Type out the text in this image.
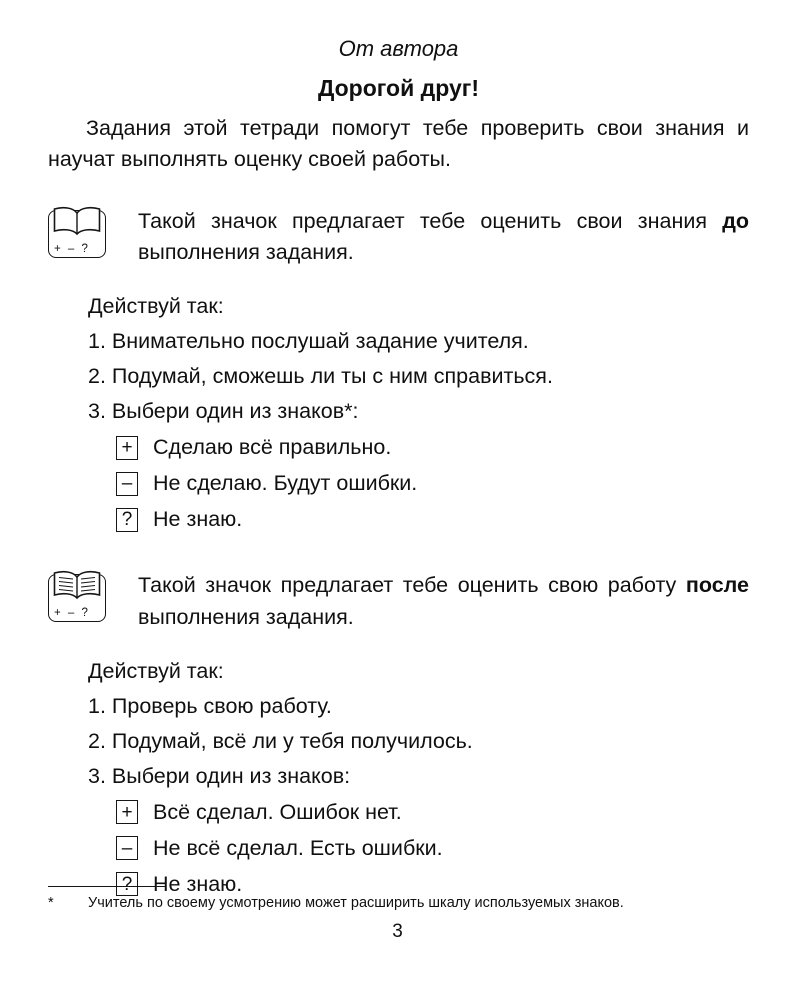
От автора
Дорогой друг!

Задания этой тетради помогут тебе проверить свои знания и научат выполнять оценку своей работы.

+ – ?

Такой значок предлагает тебе оценить свои знания до выполнения задания.

Действуй так:

1. Внимательно послушай задание учителя.

2. Подумай, сможешь ли ты с ним справиться.

3. Выбери один из знаков*:

+ Сделаю всё правильно.
– Не сделаю. Будут ошибки.
? Не знаю.
+ – ?

Такой значок предлагает тебе оценить свою работу после выполнения задания.

Действуй так:

1. Проверь свою работу.

2. Подумай, всё ли у тебя получилось.

3. Выбери один из знаков:

+ Всё сделал. Ошибок нет.
– Не всё сделал. Есть ошибки.
? Не знаю.
*	Учитель по своему усмотрению может расширить шкалу используемых знаков.
3
